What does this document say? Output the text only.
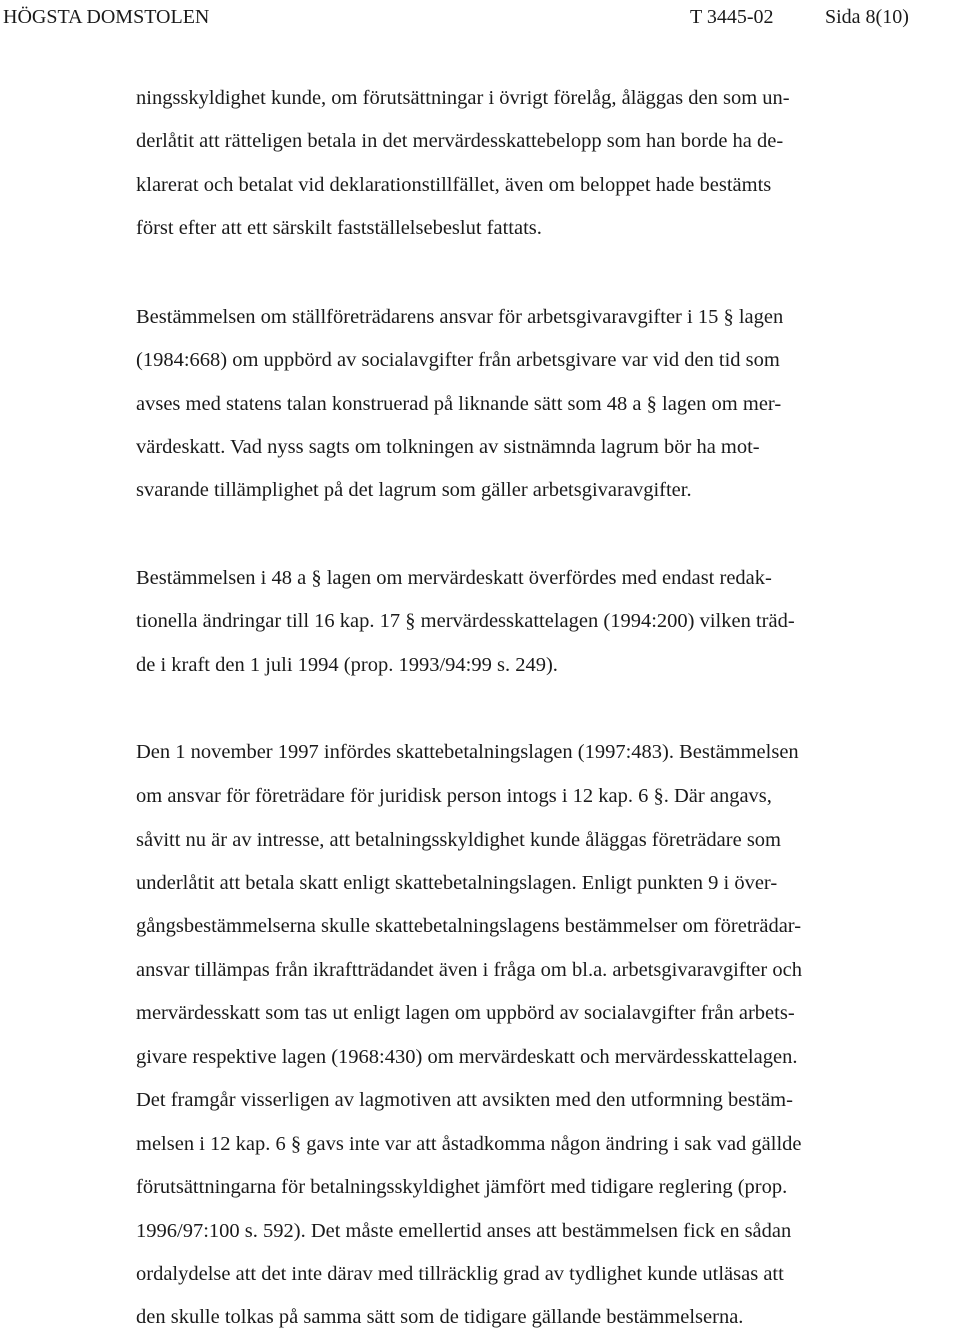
HÖGSTA DOMSTOLEN	T 3445-02	Sida 8(10)
ningsskyldighet kunde, om förutsättningar i övrigt förelåg, åläggas den som un-
derlåtit att rätteligen betala in det mervärdesskattebelopp som han borde ha de-
klarerat och betalat vid deklarationstillfället, även om beloppet hade bestämts
först efter att ett särskilt fastställelsebeslut fattats.
Bestämmelsen om ställföreträdarens ansvar för arbetsgivaravgifter i 15 § lagen
(1984:668) om uppbörd av socialavgifter från arbetsgivare var vid den tid som
avses med statens talan konstruerad på liknande sätt som 48 a § lagen om mer-
värdeskatt. Vad nyss sagts om tolkningen av sistnämnda lagrum bör ha mot-
svarande tillämplighet på det lagrum som gäller arbetsgivaravgifter.
Bestämmelsen i 48 a § lagen om mervärdeskatt överfördes med endast redak-
tionella ändringar till 16 kap. 17 § mervärdesskattelagen (1994:200) vilken träd-
de i kraft den 1 juli 1994 (prop. 1993/94:99 s. 249).
Den 1 november 1997 infördes skattebetalningslagen (1997:483). Bestämmelsen
om ansvar för företrädare för juridisk person intogs i 12 kap. 6 §. Där angavs,
såvitt nu är av intresse, att betalningsskyldighet kunde åläggas företrädare som
underlåtit att betala skatt enligt skattebetalningslagen. Enligt punkten 9 i över-
gångsbestämmelserna skulle skattebetalningslagens bestämmelser om företrädar-
ansvar tillämpas från ikraftträdandet även i fråga om bl.a. arbetsgivaravgifter och
mervärdesskatt som tas ut enligt lagen om uppbörd av socialavgifter från arbets-
givare respektive lagen (1968:430) om mervärdeskatt och mervärdesskattelagen.
Det framgår visserligen av lagmotiven att avsikten med den utformning bestäm-
melsen i 12 kap. 6 § gavs inte var att åstadkomma någon ändring i sak vad gällde
förutsättningarna för betalningsskyldighet jämfört med tidigare reglering (prop.
1996/97:100 s. 592). Det måste emellertid anses att bestämmelsen fick en sådan
ordalydelse att det inte därav med tillräcklig grad av tydlighet kunde utläsas att
den skulle tolkas på samma sätt som de tidigare gällande bestämmelserna.
